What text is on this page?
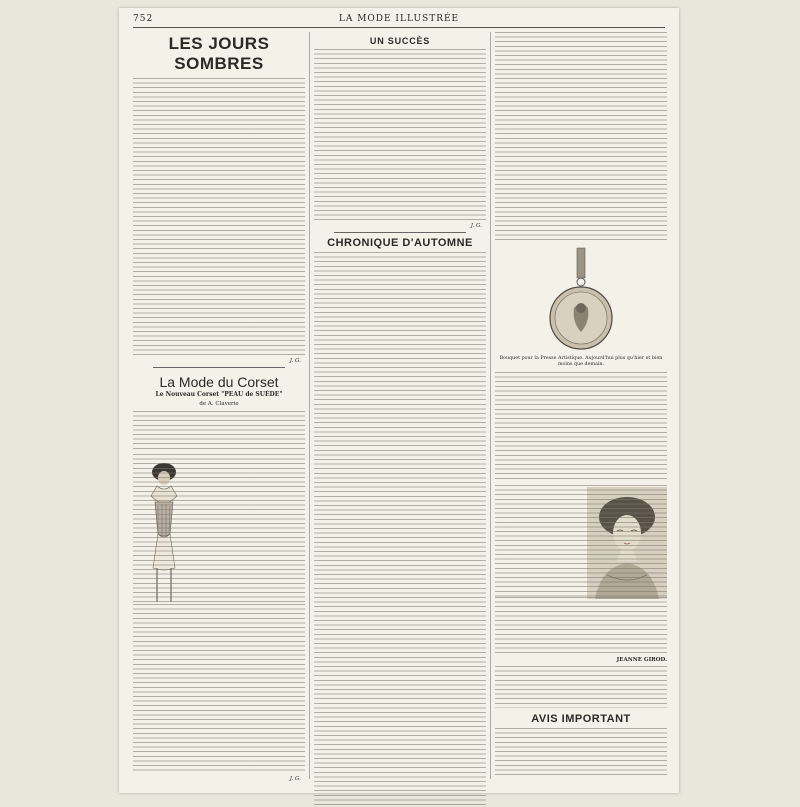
752	LA MODE ILLUSTRÉE
LES JOURS SOMBRES
J. G.
La Mode du Corset
Le Nouveau Corset "PEAU de SUÈDE"
de A. Claverie
J. G.
UN SUCCÈS
J. G.
CHRONIQUE D'AUTOMNE
Bouquet pour la Presse Artistique. Aujourd'hui plus qu'hier et bien moins que demain.
JEANNE GIROD.
AVIS IMPORTANT
